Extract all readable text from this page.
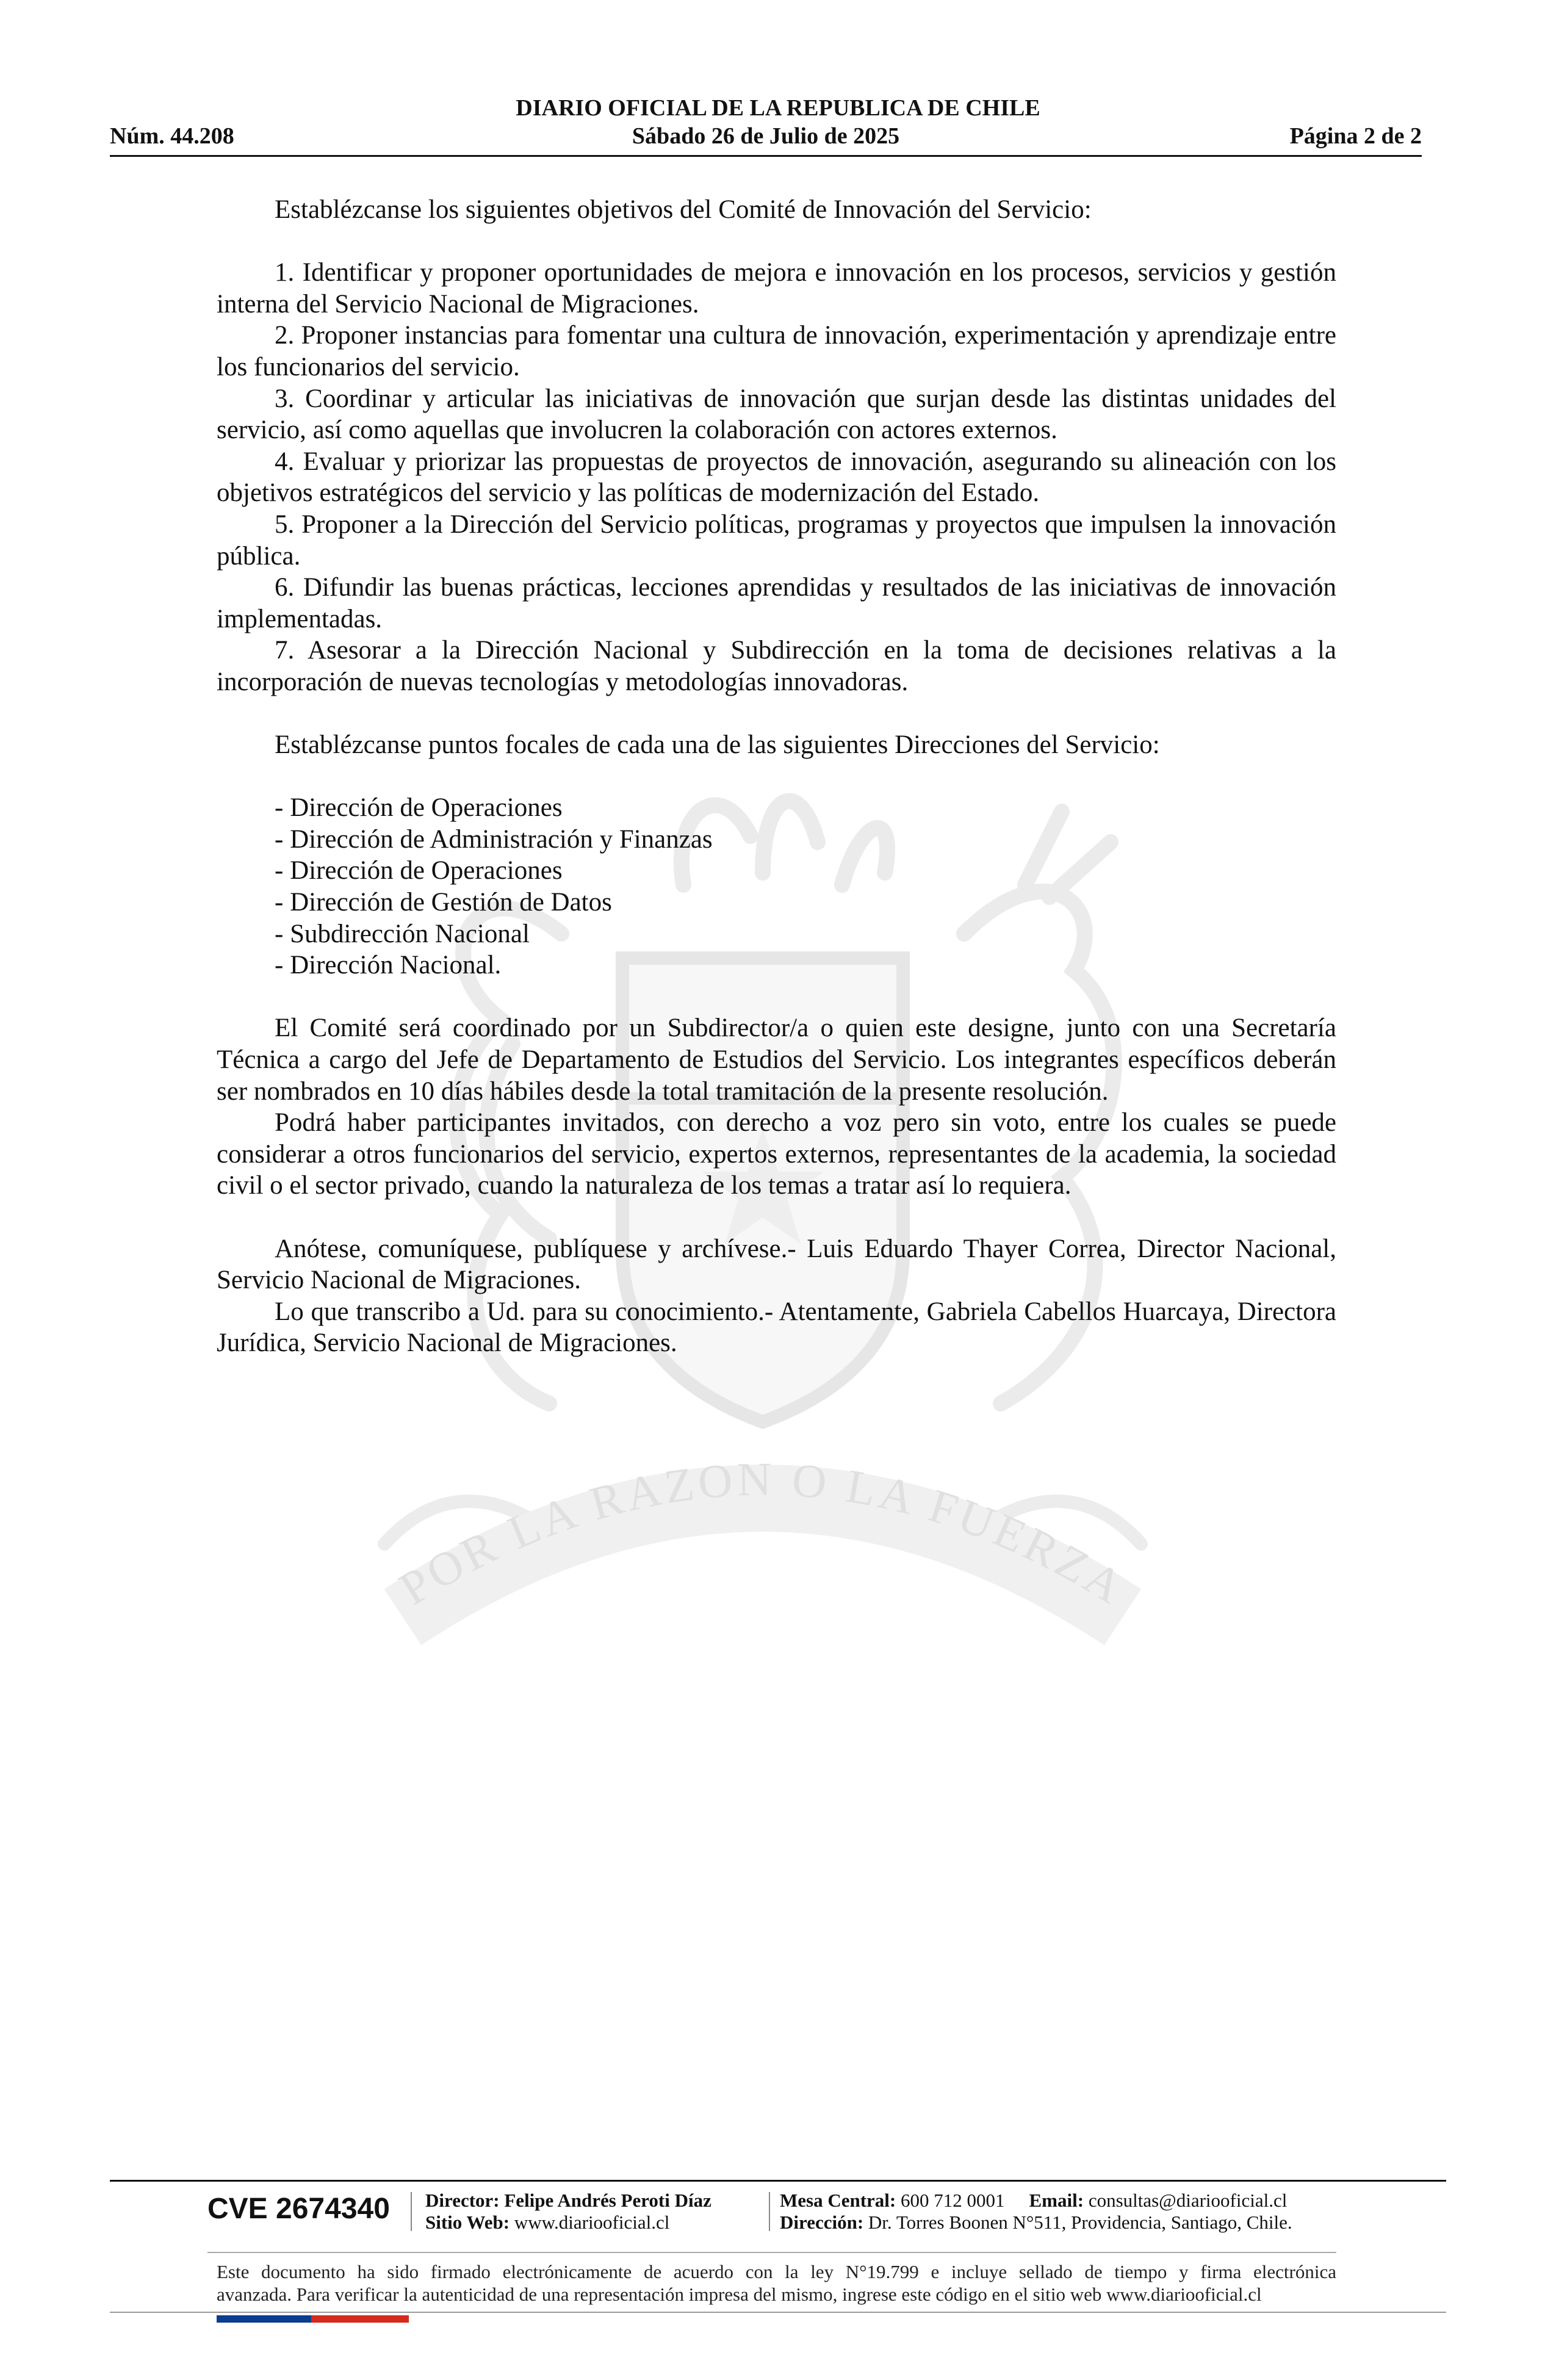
DIARIO OFICIAL DE LA REPUBLICA DE CHILE
Núm. 44.208	Sábado 26 de Julio de 2025	Página 2 de 2
POR LA RAZON O LA FUERZA

Establézcanse los siguientes objetivos del Comité de Innovación del Servicio:

1. Identificar y proponer oportunidades de mejora e innovación en los procesos, servicios y gestión interna del Servicio Nacional de Migraciones.

2. Proponer instancias para fomentar una cultura de innovación, experimentación y aprendizaje entre los funcionarios del servicio.

3. Coordinar y articular las iniciativas de innovación que surjan desde las distintas unidades del servicio, así como aquellas que involucren la colaboración con actores externos.

4. Evaluar y priorizar las propuestas de proyectos de innovación, asegurando su alineación con los objetivos estratégicos del servicio y las políticas de modernización del Estado.

5. Proponer a la Dirección del Servicio políticas, programas y proyectos que impulsen la innovación pública.

6. Difundir las buenas prácticas, lecciones aprendidas y resultados de las iniciativas de innovación implementadas.

7. Asesorar a la Dirección Nacional y Subdirección en la toma de decisiones relativas a la incorporación de nuevas tecnologías y metodologías innovadoras.

Establézcanse puntos focales de cada una de las siguientes Direcciones del Servicio:

- Dirección de Operaciones

- Dirección de Administración y Finanzas

- Dirección de Operaciones

- Dirección de Gestión de Datos

- Subdirección Nacional

- Dirección Nacional.

El Comité será coordinado por un Subdirector/a o quien este designe, junto con una Secretaría Técnica a cargo del Jefe de Departamento de Estudios del Servicio. Los integrantes específicos deberán ser nombrados en 10 días hábiles desde la total tramitación de la presente resolución.

Podrá haber participantes invitados, con derecho a voz pero sin voto, entre los cuales se puede considerar a otros funcionarios del servicio, expertos externos, representantes de la academia, la sociedad civil o el sector privado, cuando la naturaleza de los temas a tratar así lo requiera.

Anótese, comuníquese, publíquese y archívese.- Luis Eduardo Thayer Correa, Director Nacional, Servicio Nacional de Migraciones.

Lo que transcribo a Ud. para su conocimiento.- Atentamente, Gabriela Cabellos Huarcaya, Directora Jurídica, Servicio Nacional de Migraciones.

CVE 2674340	Director: Felipe Andrés Peroti Díaz
Sitio Web: www.diariooficial.cl
Mesa Central: 600 712 0001 Email: consultas@diariooficial.cl
Dirección: Dr. Torres Boonen N°511, Providencia, Santiago, Chile.
Este documento ha sido firmado electrónicamente de acuerdo con la ley N°19.799 e incluye sellado de tiempo y firma electrónica
avanzada. Para verificar la autenticidad de una representación impresa del mismo, ingrese este código en el sitio web www.diariooficial.cl
